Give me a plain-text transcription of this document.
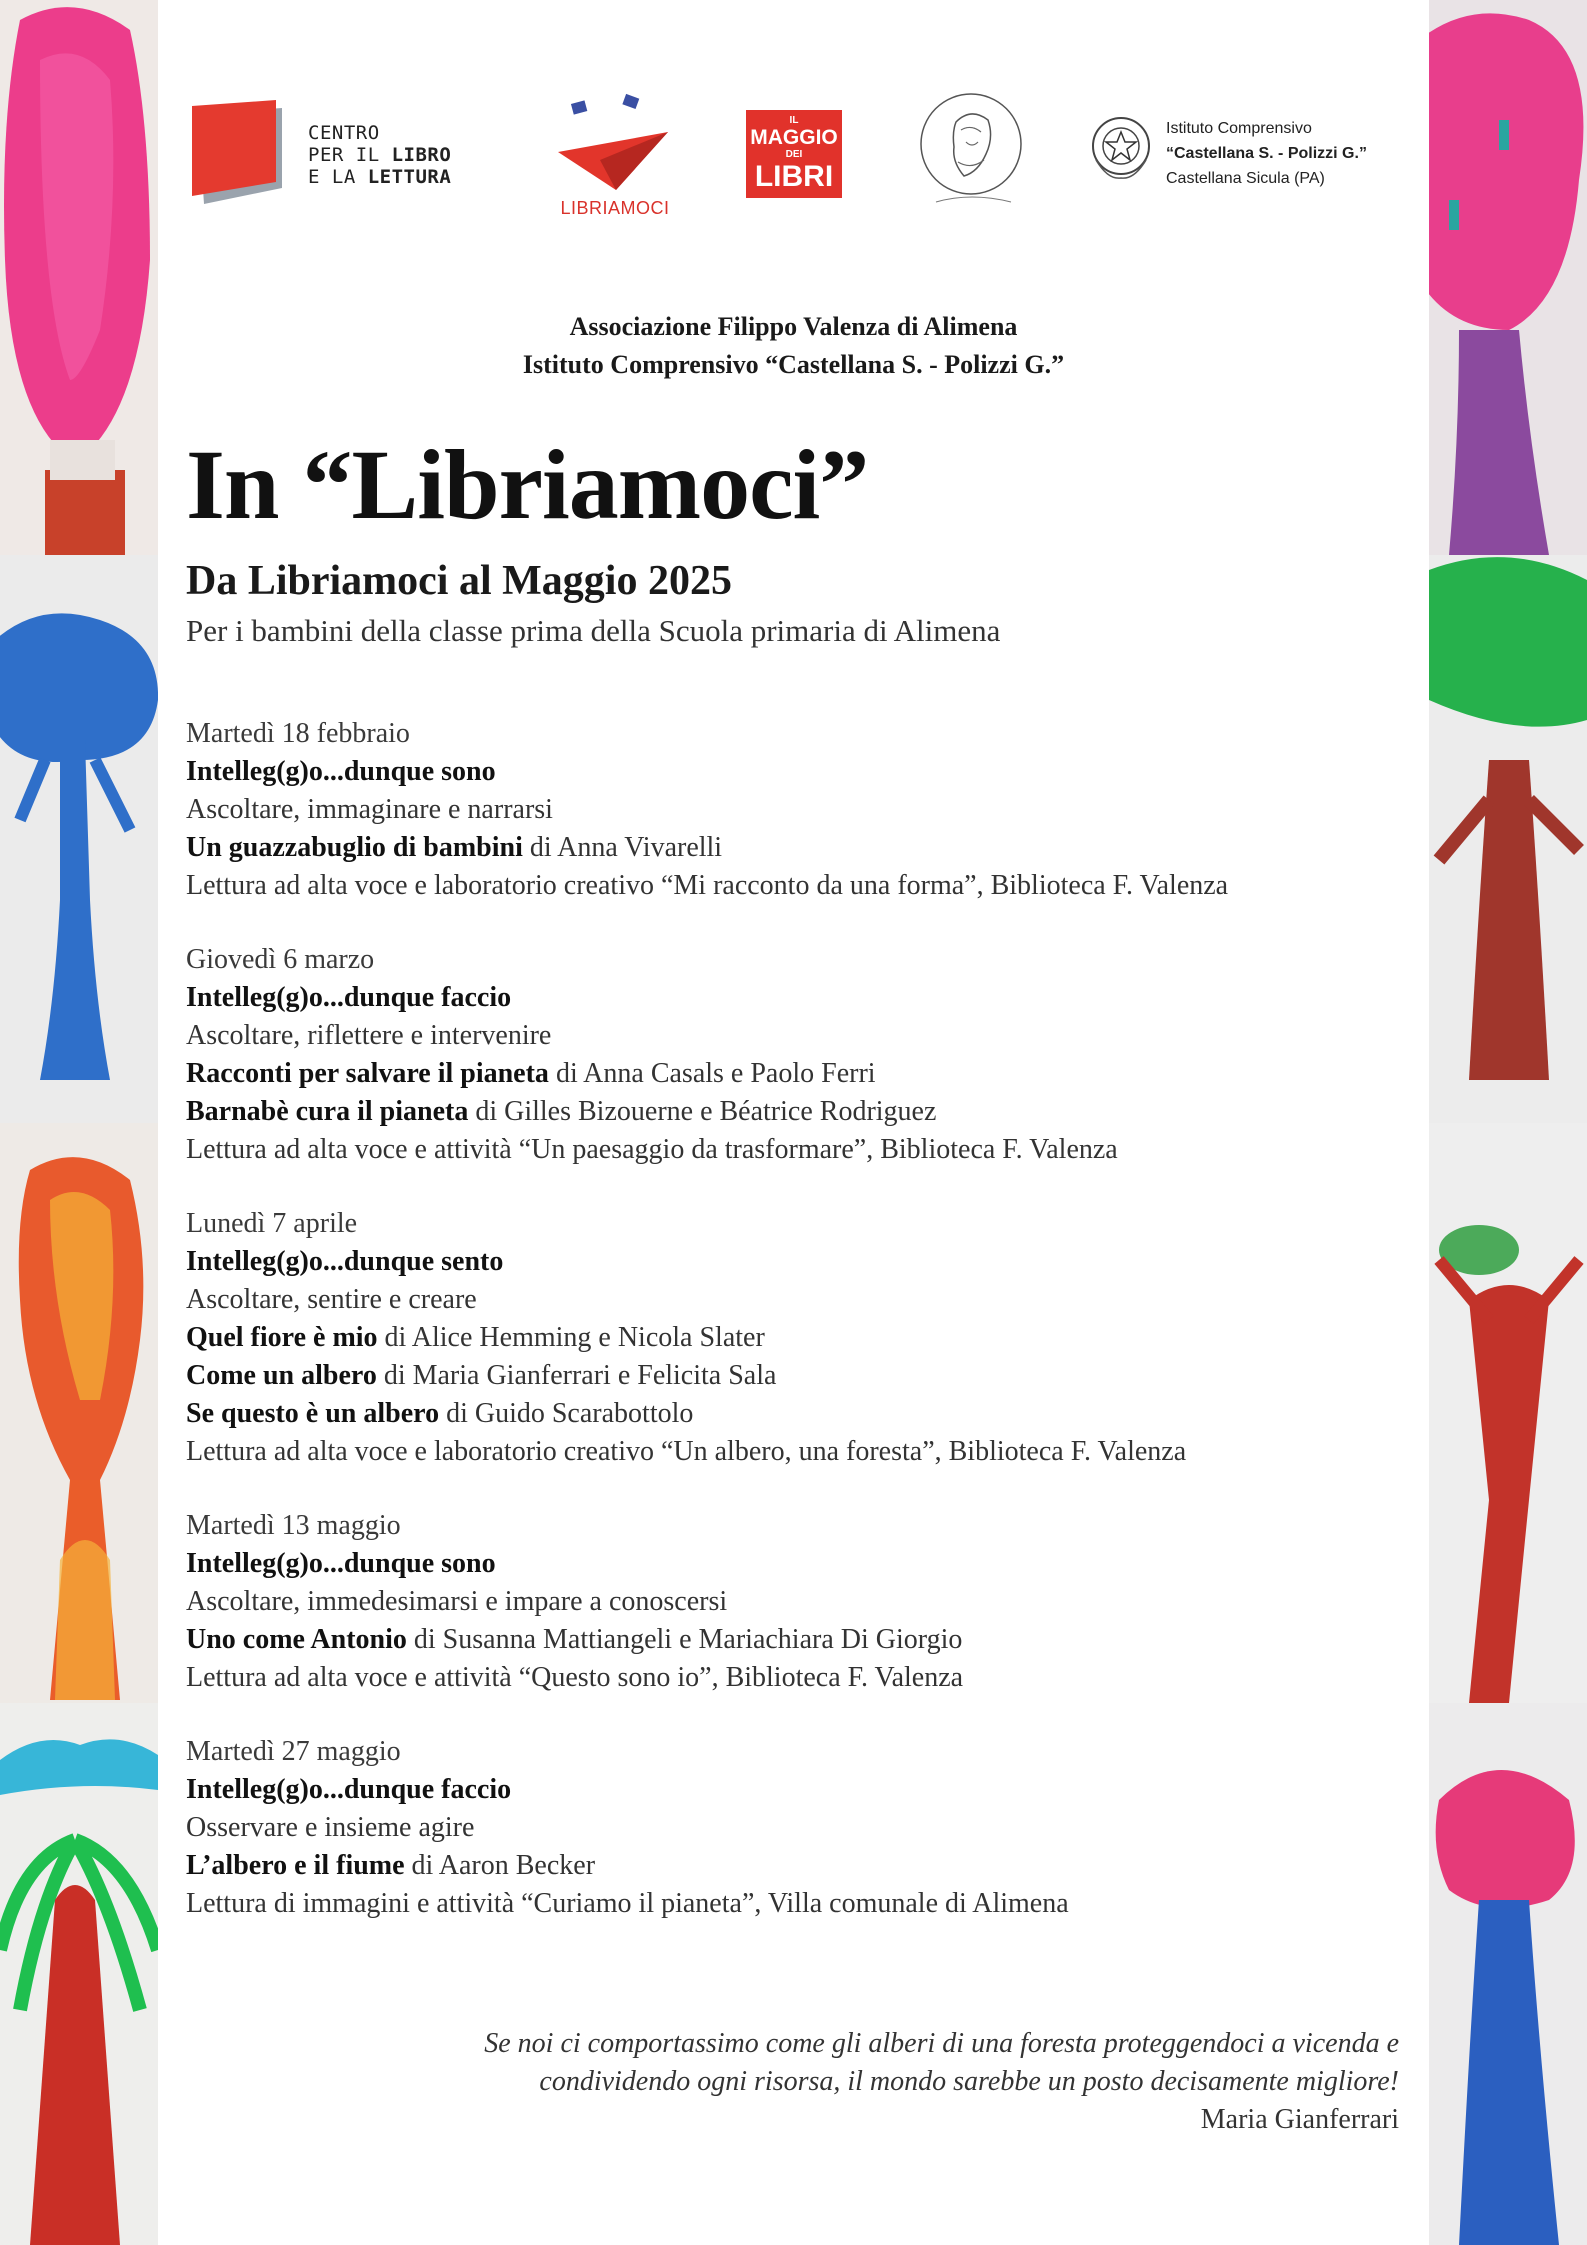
CENTRO
PER IL LIBRO
E LA LETTURA
LIBRIAMOCI
IL
MAGGIO
DEI
LIBRI
Istituto Comprensivo
“Castellana S. - Polizzi G.”
Castellana Sicula (PA)
Associazione Filippo Valenza di Alimena
Istituto Comprensivo “Castellana S. - Polizzi G.”
In “Libriamoci”
Da Libriamoci al Maggio 2025
Per i bambini della classe prima della Scuola primaria di Alimena
Martedì 18 febbraio
Intelleg(g)o...dunque sono
Ascoltare, immaginare e narrarsi
Un guazzabuglio di bambini di Anna Vivarelli
Lettura ad alta voce e laboratorio creativo “Mi racconto da una forma”, Biblioteca F. Valenza
Giovedì 6 marzo
Intelleg(g)o...dunque faccio
Ascoltare, riflettere e intervenire
Racconti per salvare il pianeta di Anna Casals e Paolo Ferri
Barnabè cura il pianeta di Gilles Bizouerne e Béatrice Rodriguez
Lettura ad alta voce e attività “Un paesaggio da trasformare”, Biblioteca F. Valenza
Lunedì 7 aprile
Intelleg(g)o...dunque sento
Ascoltare, sentire e creare
Quel fiore è mio di Alice Hemming e Nicola Slater
Come un albero di Maria Gianferrari e Felicita Sala
Se questo è un albero di Guido Scarabottolo
Lettura ad alta voce e laboratorio creativo “Un albero, una foresta”, Biblioteca F. Valenza
Martedì 13 maggio
Intelleg(g)o...dunque sono
Ascoltare, immedesimarsi e impare a conoscersi
Uno come Antonio di Susanna Mattiangeli e Mariachiara Di Giorgio
Lettura ad alta voce e attività “Questo sono io”, Biblioteca F. Valenza
Martedì 27 maggio
Intelleg(g)o...dunque faccio
Osservare e insieme agire
L’albero e il fiume di Aaron Becker
Lettura di immagini e attività “Curiamo il pianeta”, Villa comunale di Alimena
Se noi ci comportassimo come gli alberi di una foresta proteggendoci a vicenda e
condividendo ogni risorsa, il mondo sarebbe un posto decisamente migliore!
Maria Gianferrari
